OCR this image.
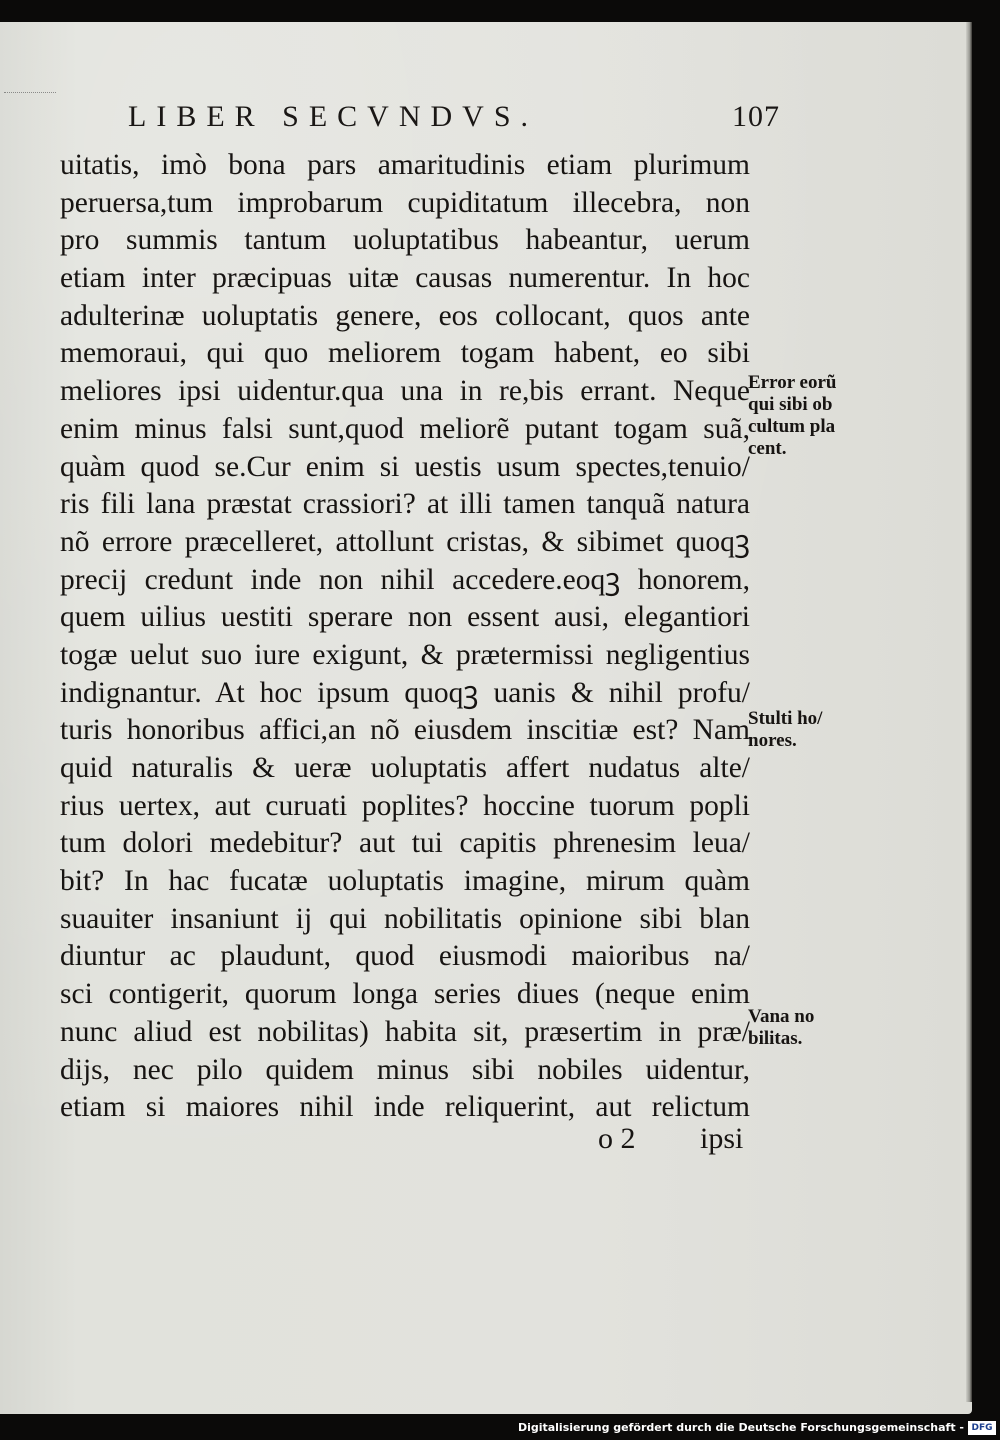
LIBER SECVNDVS.	107
uitatis, imò bona pars amaritudinis etiam plurimum
peruersa,tum improbarum cupiditatum illecebra, non
pro summis tantum uoluptatibus habeantur, uerum
etiam inter præcipuas uitæ causas numerentur. In hoc
adulterinæ uoluptatis genere, eos collocant, quos ante
memoraui, qui quo meliorem togam habent, eo sibi
meliores ipsi uidentur.qua una in re,bis errant. Neque
enim minus falsi sunt,quod meliorẽ putant togam suã,
quàm quod se.Cur enim si uestis usum spectes,tenuio/
ris fili lana præstat crassiori? at illi tamen tanquã natura
nõ errore præcelleret, attollunt cristas, & sibimet quoqꝫ
precij credunt inde non nihil accedere.eoqꝫ honorem,
quem uilius uestiti sperare non essent ausi, elegantiori
togæ uelut suo iure exigunt, & prætermissi negligentius
indignantur. At hoc ipsum quoqꝫ uanis & nihil profu/
turis honoribus affici,an nõ eiusdem inscitiæ est? Nam
quid naturalis & ueræ uoluptatis affert nudatus alte/
rius uertex, aut curuati poplites? hoccine tuorum popli
tum dolori medebitur? aut tui capitis phrenesim leua/
bit? In hac fucatæ uoluptatis imagine, mirum quàm
suauiter insaniunt ij qui nobilitatis opinione sibi blan
diuntur ac plaudunt, quod eiusmodi maioribus na/
sci contigerit, quorum longa series diues (neque enim
nunc aliud est nobilitas) habita sit, præsertim in præ/
dijs, nec pilo quidem minus sibi nobiles uidentur,
etiam si maiores nihil inde reliquerint, aut relictum
Error eorũ
qui sibi ob
cultum pla
cent.
Stulti ho/
nores.
Vana no
bilitas.
o 2 ipsi
Digitalisierung gefördert durch die Deutsche Forschungsgemeinschaft - DFG
